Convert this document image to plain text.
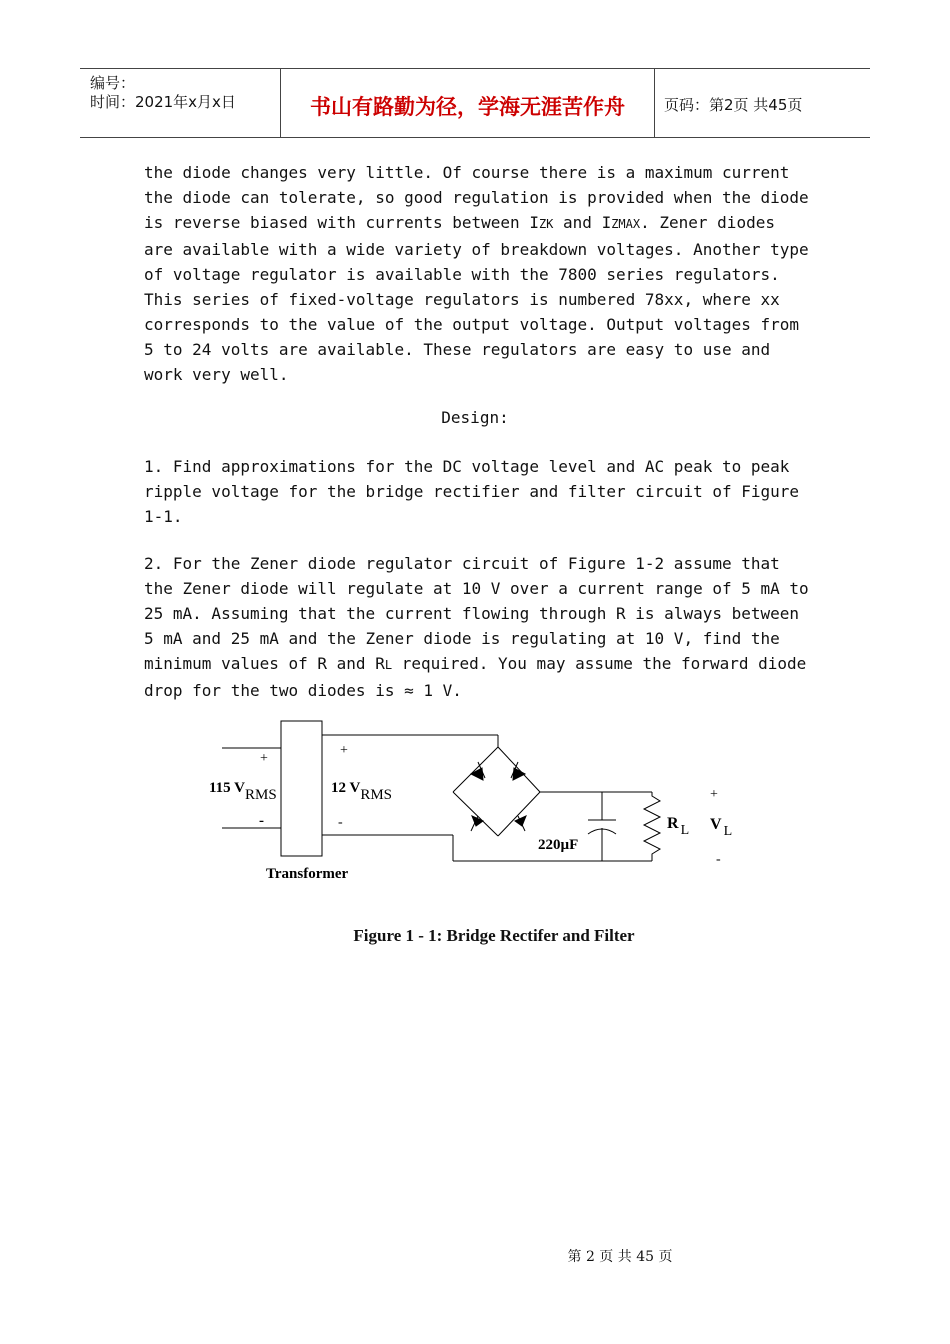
编号：
时间：2021年x月x日	书山有路勤为径，学海无涯苦作舟	页码：第2页 共45页
the diode changes very little. Of course there is a maximum current
the diode can tolerate, so good regulation is provided when the diode
is reverse biased with currents between IZK and IZMAX. Zener diodes
are available with a wide variety of breakdown voltages. Another type
of voltage regulator is available with the 7800 series regulators.
This series of fixed-voltage regulators is numbered 78xx, where xx
corresponds to the value of the output voltage. Output voltages from
5 to 24 volts are available. These regulators are easy to use and
work very well.
Design:
1. Find approximations for the DC voltage level and AC peak to peak
ripple voltage for the bridge rectifier and filter circuit of Figure
1-1.
2. For the Zener diode regulator circuit of Figure 1-2 assume that
the Zener diode will regulate at 10 V over a current range of 5 mA to
25 mA. Assuming that the current flowing through R is always between
5 mA and 25 mA and the Zener diode is regulating at 10 V, find the
minimum values of R and RL required. You may assume the forward diode
drop for the two diodes is ≈ 1 V.
+
+
115 VRMS	12 VRMS
-	-
Transformer
220µF
R L
+
V L
-
Figure 1 - 1: Bridge Rectifer and Filter
第 2 页 共 45 页
